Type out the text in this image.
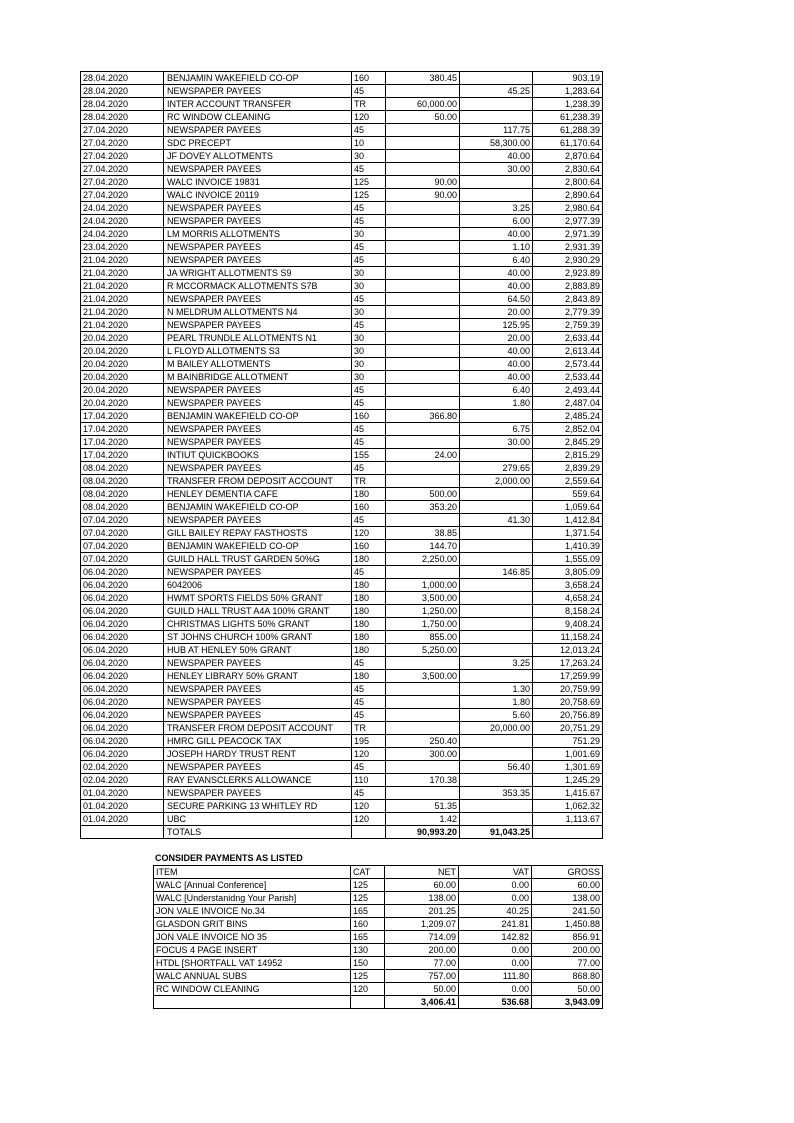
28.04.2020	BENJAMIN WAKEFIELD CO-OP	160	380.45		903.19
28.04.2020	NEWSPAPER PAYEES	45		45.25	1,283.64
28.04.2020	INTER ACCOUNT TRANSFER	TR	60,000.00		1,238.39
28.04.2020	RC WINDOW CLEANING	120	50.00		61,238.39
27.04.2020	NEWSPAPER PAYEES	45		117.75	61,288.39
27.04.2020	SDC PRECEPT	10		58,300.00	61,170.64
27.04.2020	JF DOVEY ALLOTMENTS	30		40.00	2,870.64
27.04.2020	NEWSPAPER PAYEES	45		30.00	2,830.64
27.04.2020	WALC INVOICE 19831	125	90.00		2,800.64
27.04.2020	WALC INVOICE 20119	125	90.00		2,890.64
24.04.2020	NEWSPAPER PAYEES	45		3.25	2,980.64
24.04.2020	NEWSPAPER PAYEES	45		6.00	2,977.39
24.04.2020	LM MORRIS ALLOTMENTS	30		40.00	2,971.39
23.04.2020	NEWSPAPER PAYEES	45		1.10	2,931.39
21.04.2020	NEWSPAPER PAYEES	45		6.40	2,930.29
21.04.2020	JA WRIGHT ALLOTMENTS S9	30		40.00	2,923.89
21.04.2020	R MCCORMACK ALLOTMENTS S7B	30		40.00	2,883.89
21.04.2020	NEWSPAPER PAYEES	45		64.50	2,843.89
21.04.2020	N MELDRUM ALLOTMENTS N4	30		20.00	2,779.39
21.04.2020	NEWSPAPER PAYEES	45		125.95	2,759.39
20.04.2020	PEARL TRUNDLE ALLOTMENTS N1	30		20.00	2,633.44
20.04.2020	L FLOYD ALLOTMENTS S3	30		40.00	2,613.44
20.04.2020	M BAILEY ALLOTMENTS	30		40.00	2,573.44
20.04.2020	M BAINBRIDGE ALLOTMENT	30		40.00	2,533.44
20.04.2020	NEWSPAPER PAYEES	45		6.40	2,493.44
20.04.2020	NEWSPAPER PAYEES	45		1.80	2,487.04
17.04.2020	BENJAMIN WAKEFIELD CO-OP	160	366.80		2,485.24
17.04.2020	NEWSPAPER PAYEES	45		6.75	2,852.04
17.04.2020	NEWSPAPER PAYEES	45		30.00	2,845.29
17.04.2020	INTIUT QUICKBOOKS	155	24.00		2,815.29
08.04.2020	NEWSPAPER PAYEES	45		279.65	2,839.29
08.04.2020	TRANSFER FROM DEPOSIT ACCOUNT	TR		2,000.00	2,559.64
08.04.2020	HENLEY DEMENTIA CAFE	180	500.00		559.64
08.04.2020	BENJAMIN WAKEFIELD CO-OP	160	353.20		1,059.64
07.04.2020	NEWSPAPER PAYEES	45		41.30	1,412.84
07.04.2020	GILL BAILEY REPAY FASTHOSTS	120	38.85		1,371.54
07.04.2020	BENJAMIN WAKEFIELD CO-OP	160	144.70		1,410.39
07.04.2020	GUILD HALL TRUST GARDEN 50%G	180	2,250.00		1,555.09
06.04.2020	NEWSPAPER PAYEES	45		146.85	3,805.09
06.04.2020	6042006	180	1,000.00		3,658.24
06.04.2020	HWMT SPORTS FIELDS 50% GRANT	180	3,500.00		4,658.24
06.04.2020	GUILD HALL TRUST A4A 100% GRANT	180	1,250.00		8,158.24
06.04.2020	CHRISTMAS LIGHTS 50% GRANT	180	1,750.00		9,408.24
06.04.2020	ST JOHNS CHURCH 100% GRANT	180	855.00		11,158.24
06.04.2020	HUB AT HENLEY 50% GRANT	180	5,250.00		12,013.24
06.04.2020	NEWSPAPER PAYEES	45		3.25	17,263.24
06.04.2020	HENLEY LIBRARY 50% GRANT	180	3,500.00		17,259.99
06.04.2020	NEWSPAPER PAYEES	45		1.30	20,759.99
06.04.2020	NEWSPAPER PAYEES	45		1.80	20,758.69
06.04.2020	NEWSPAPER PAYEES	45		5.60	20,756.89
06.04.2020	TRANSFER FROM DEPOSIT ACCOUNT	TR		20,000.00	20,751.29
06.04.2020	HMRC GILL PEACOCK TAX	195	250.40		751.29
06.04.2020	JOSEPH HARDY TRUST RENT	120	300.00		1,001.69
02.04.2020	NEWSPAPER PAYEES	45		56.40	1,301.69
02.04.2020	RAY EVANSCLERKS ALLOWANCE	110	170.38		1,245.29
01.04.2020	NEWSPAPER PAYEES	45		353.35	1,415.67
01.04.2020	SECURE PARKING 13 WHITLEY RD	120	51.35		1,062.32
01.04.2020	UBC	120	1.42		1,113.67
	TOTALS		90,993.20	91,043.25	
CONSIDER PAYMENTS AS LISTED
ITEM	CAT	NET	VAT	GROSS
WALC [Annual Conference]	125	60.00	0.00	60.00
WALC [Understanidng Your Parish]	125	138.00	0.00	138.00
JON VALE INVOICE No.34	165	201.25	40.25	241.50
GLASDON GRIT BINS	160	1,209.07	241.81	1,450.88
JON VALE INVOICE NO 35	165	714.09	142.82	856.91
FOCUS 4 PAGE INSERT	130	200.00	0.00	200.00
HTDL [SHORTFALL VAT 14952	150	77.00	0.00	77.00
WALC ANNUAL SUBS	125	757.00	111.80	868.80
RC WINDOW CLEANING	120	50.00	0.00	50.00
		3,406.41	536.68	3,943.09
